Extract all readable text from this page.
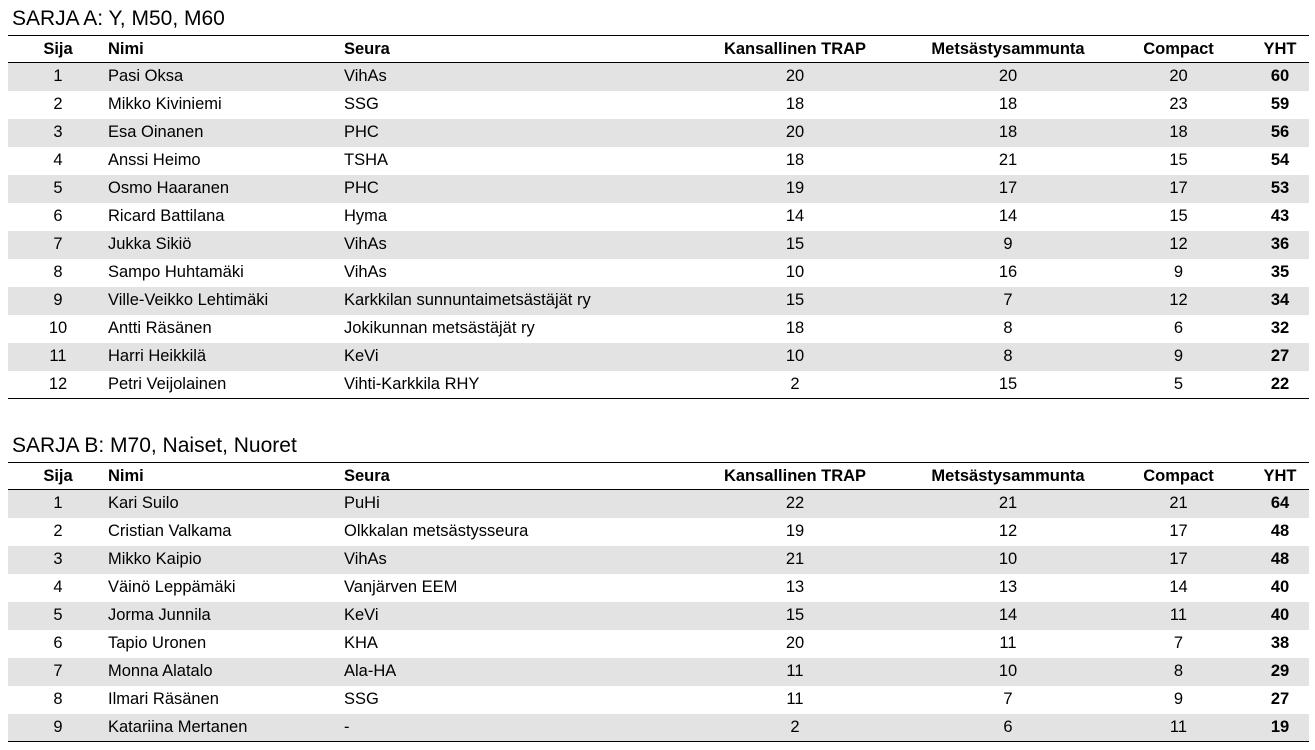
SARJA A: Y, M50, M60
Sija	Nimi	Seura	Kansallinen TRAP	Metsästysammunta	Compact	YHT
1	Pasi Oksa	VihAs	20	20	20	60
2	Mikko Kiviniemi	SSG	18	18	23	59
3	Esa Oinanen	PHC	20	18	18	56
4	Anssi Heimo	TSHA	18	21	15	54
5	Osmo Haaranen	PHC	19	17	17	53
6	Ricard Battilana	Hyma	14	14	15	43
7	Jukka Sikiö	VihAs	15	9	12	36
8	Sampo Huhtamäki	VihAs	10	16	9	35
9	Ville-Veikko Lehtimäki	Karkkilan sunnuntaimetsästäjät ry	15	7	12	34
10	Antti Räsänen	Jokikunnan metsästäjät ry	18	8	6	32
11	Harri Heikkilä	KeVi	10	8	9	27
12	Petri Veijolainen	Vihti-Karkkila RHY	2	15	5	22
SARJA B: M70, Naiset, Nuoret
Sija	Nimi	Seura	Kansallinen TRAP	Metsästysammunta	Compact	YHT
1	Kari Suilo	PuHi	22	21	21	64
2	Cristian Valkama	Olkkalan metsästysseura	19	12	17	48
3	Mikko Kaipio	VihAs	21	10	17	48
4	Väinö Leppämäki	Vanjärven EEM	13	13	14	40
5	Jorma Junnila	KeVi	15	14	11	40
6	Tapio Uronen	KHA	20	11	7	38
7	Monna Alatalo	Ala-HA	11	10	8	29
8	Ilmari Räsänen	SSG	11	7	9	27
9	Katariina Mertanen	-	2	6	11	19
